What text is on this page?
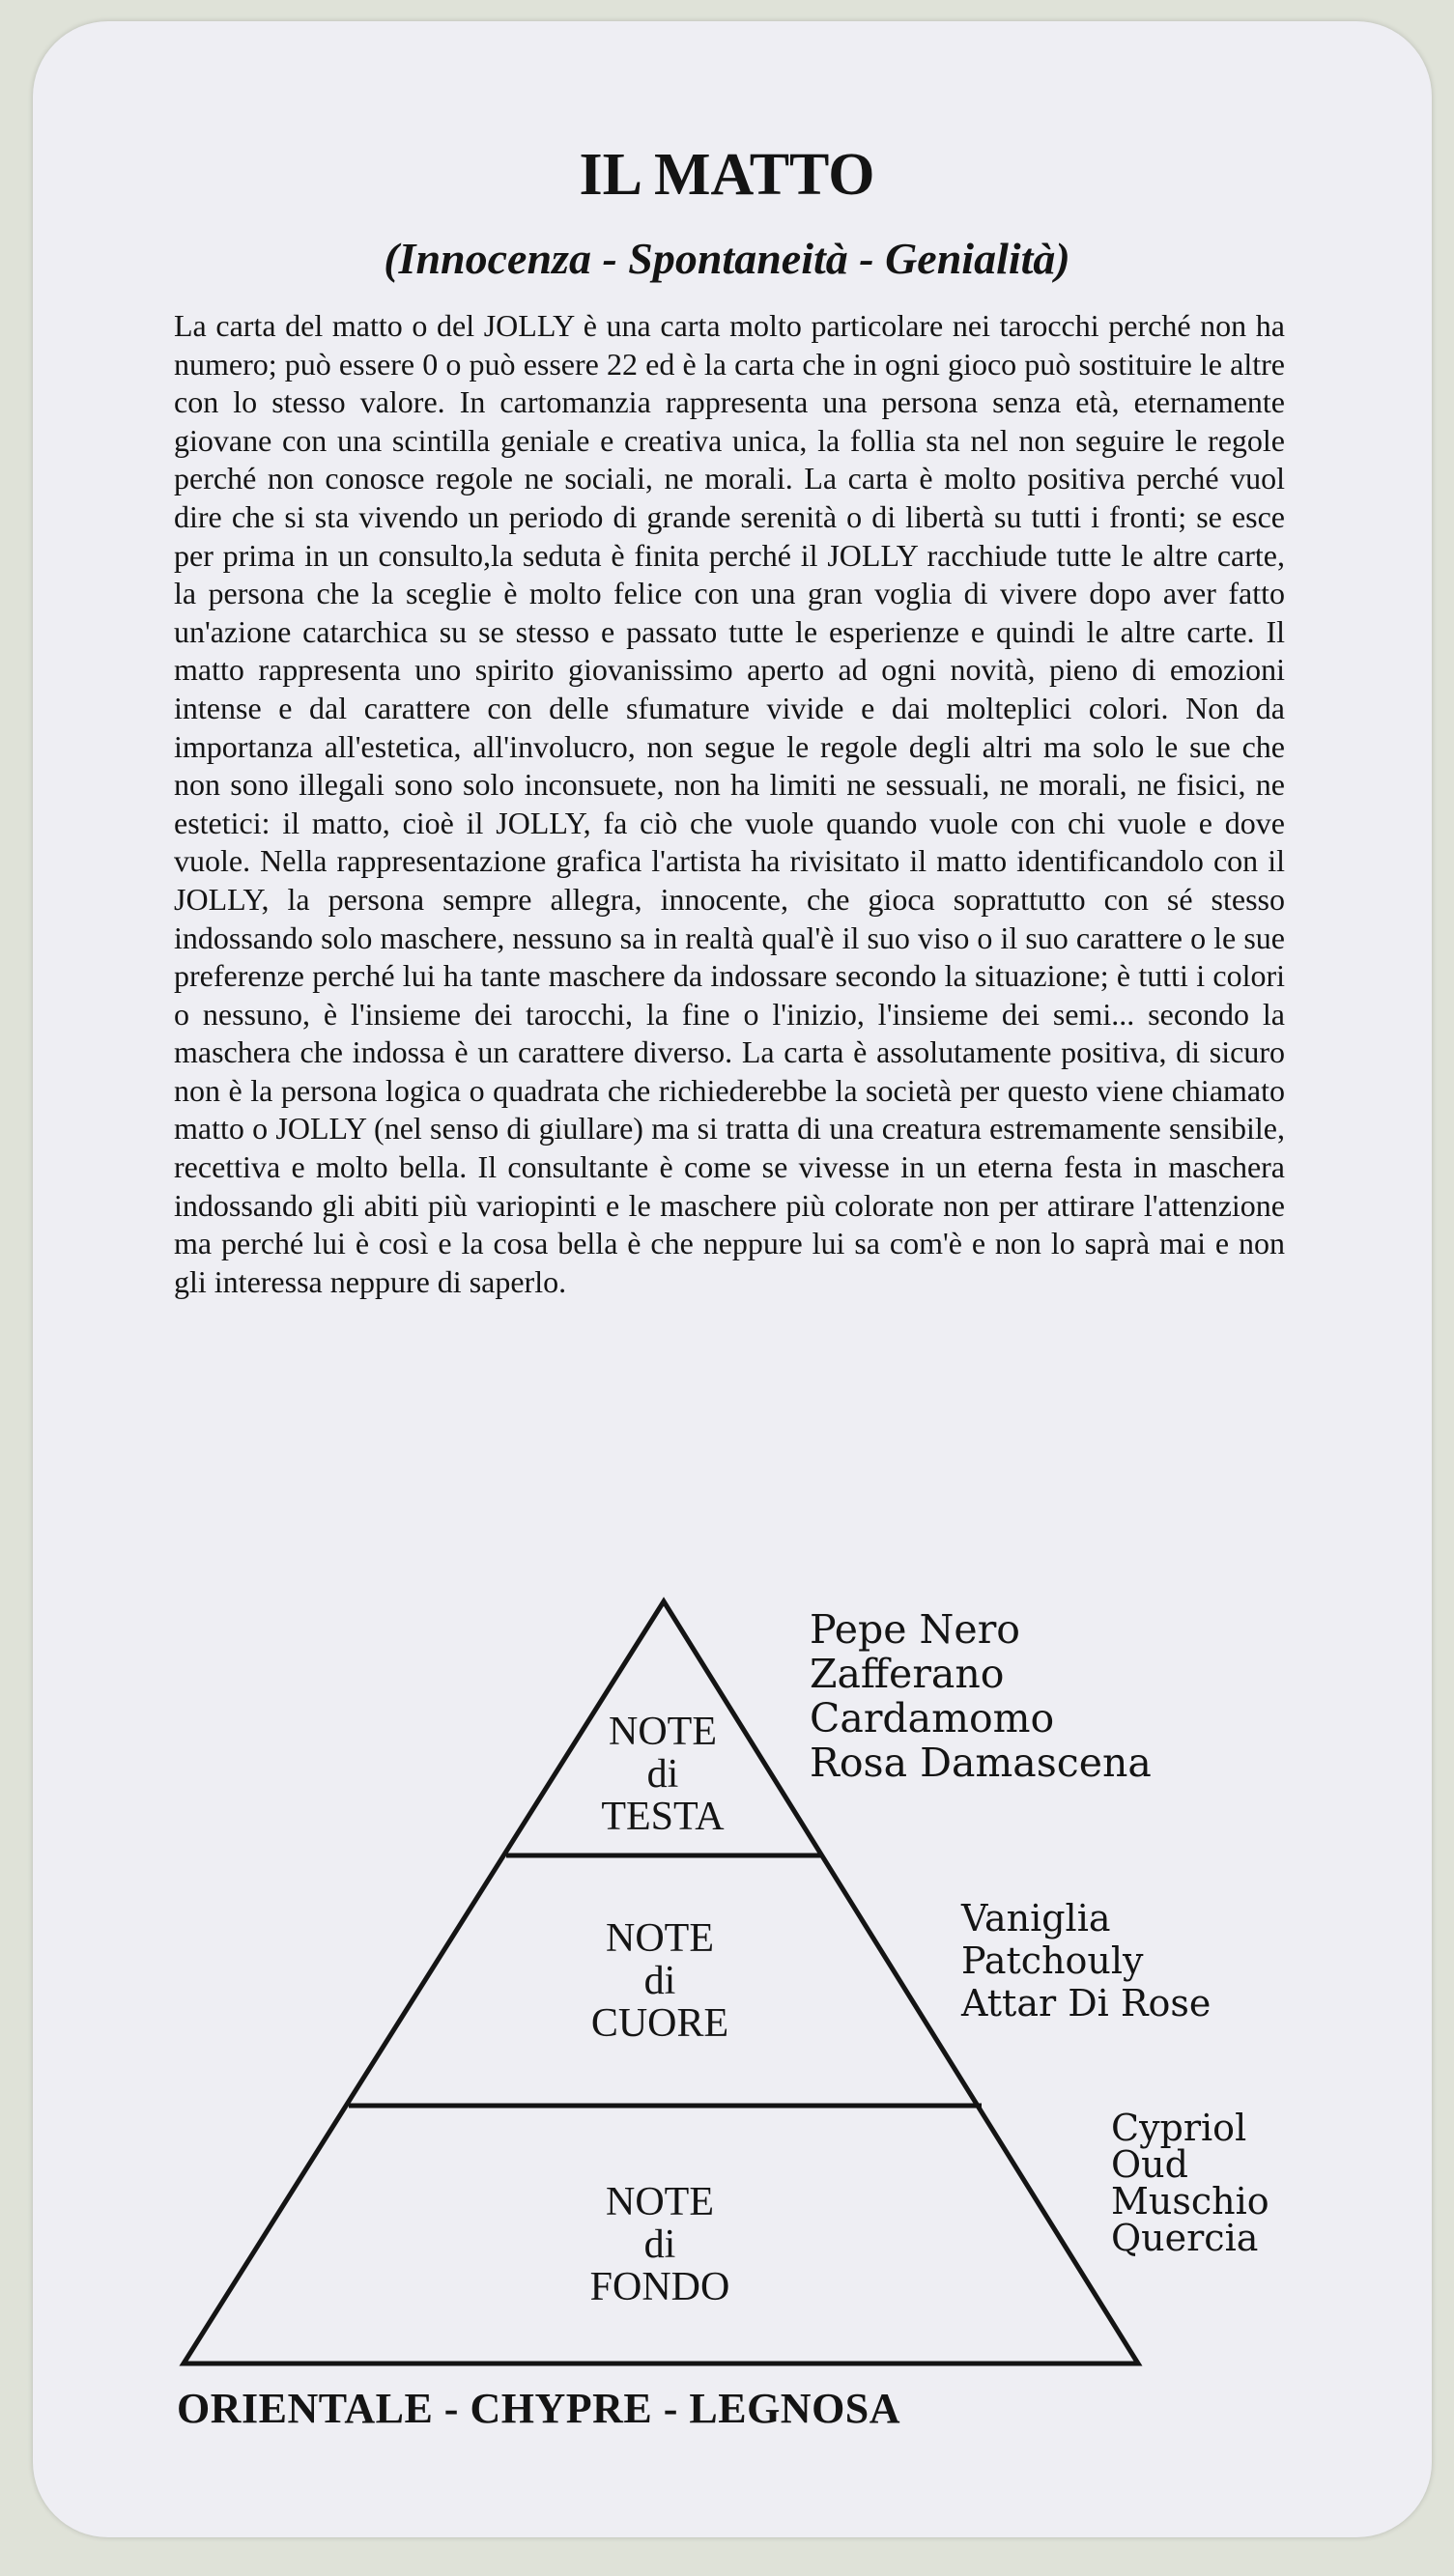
IL MATTO
(Innocenza - Spontaneità - Genialità)

La carta del matto o del JOLLY è una carta molto particolare nei tarocchi perché non ha numero; può essere 0 o può essere 22 ed è la carta che in ogni gioco può sostituire le altre con lo stesso valore. In cartomanzia rappresenta una persona senza età, eternamente giovane con una scintilla geniale e creativa unica, la follia sta nel non seguire le regole perché non conosce regole ne sociali, ne morali. La carta è molto positiva perché vuol dire che si sta vivendo un periodo di grande serenità o di libertà su tutti i fronti; se esce per prima in un consulto,la seduta è finita perché il JOLLY racchiude tutte le altre carte, la persona che la sceglie è molto felice con una gran voglia di vivere dopo aver fatto un'azione catarchica su se stesso e passato tutte le esperienze e quindi le altre carte. Il matto rappresenta uno spirito giovanissimo aperto ad ogni novità, pieno di emozioni intense e dal carattere con delle sfumature vivide e dai molteplici colori. Non da importanza all'estetica, all'involucro, non segue le regole degli altri ma solo le sue che non sono illegali sono solo inconsuete, non ha limiti ne sessuali, ne morali, ne fisici, ne estetici: il matto, cioè il JOLLY, fa ciò che vuole quando vuole con chi vuole e dove vuole. Nella rappresentazione grafica l'artista ha rivisitato il matto identificandolo con il JOLLY, la persona sempre allegra, innocente, che gioca soprattutto con sé stesso indossando solo maschere, nessuno sa in realtà qual'è il suo viso o il suo carattere o le sue preferenze perché lui ha tante maschere da indossare secondo la situazione; è tutti i colori o nessuno, è l'insieme dei tarocchi, la fine o l'inizio, l'insieme dei semi... secondo la maschera che indossa è un carattere diverso. La carta è assolutamente positiva, di sicuro non è la persona logica o quadrata che richiederebbe la società per questo viene chiamato matto o JOLLY (nel senso di giullare) ma si tratta di una creatura estremamente sensibile, recettiva e molto bella. Il consultante è come se vivesse in un eterna festa in maschera indossando gli abiti più variopinti e le maschere più colorate non per attirare l'attenzione ma perché lui è così e la cosa bella è che neppure lui sa com'è e non lo saprà mai e non gli interessa neppure di saperlo.

NOTE
di
TESTA
NOTE
di
CUORE
NOTE
di
FONDO
Pepe Nero
Zafferano
Cardamomo
Rosa Damascena
Vaniglia
Patchouly
Attar Di Rose
Cypriol
Oud
Muschio
Quercia
ORIENTALE - CHYPRE - LEGNOSA
